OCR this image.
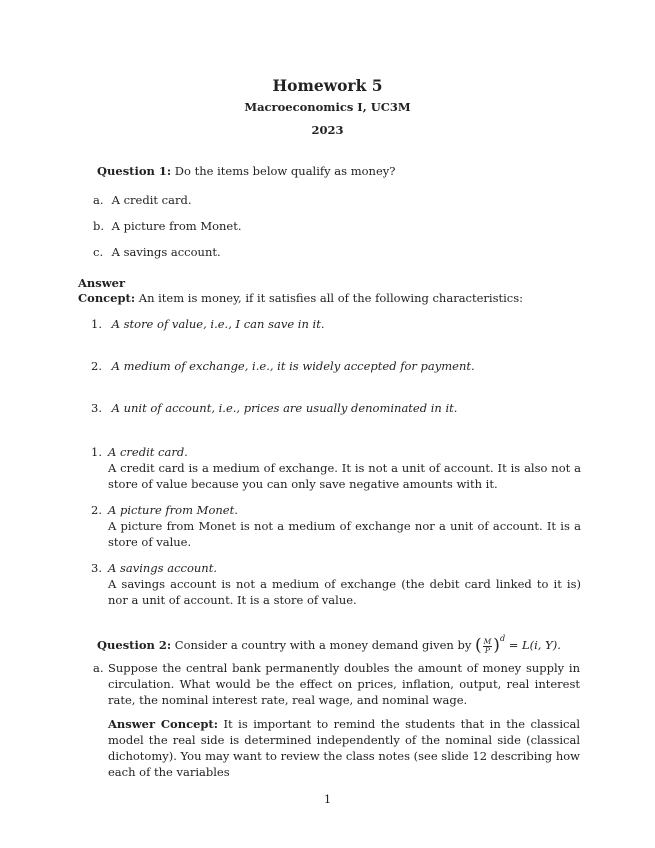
Homework 5
Macroeconomics I, UC3M
2023
Question 1: Do the items below qualify as money?
a. A credit card.
b. A picture from Monet.
c. A savings account.
Answer
Concept: An item is money, if it satisfies all of the following characteristics:
1. A store of value, i.e., I can save in it.
2. A medium of exchange, i.e., it is widely accepted for payment.
3. A unit of account, i.e., prices are usually denominated in it.
1. A credit card.
A credit card is a medium of exchange. It is not a unit of account. It is also not a store of value because you can only save negative amounts with it.
2. A picture from Monet.
A picture from Monet is not a medium of exchange nor a unit of account. It is a store of value.
3. A savings account.
A savings account is not a medium of exchange (the debit card linked to it is) nor a unit of account. It is a store of value.
Question 2: Consider a country with a money demand given by ( $\frac{M}{P} )^d = L(i$, Y).
a. Suppose the central bank permanently doubles the amount of money supply in circulation. What would be the effect on prices, inflation, output, real interest rate, the nominal interest rate, real wage, and nominal wage.

Answer Concept: It is important to remind the students that in the classical model the real side is determined independently of the nominal side (classical dichotomy). You may want to review the class notes (see slide 12 describing how each of the variables

1
